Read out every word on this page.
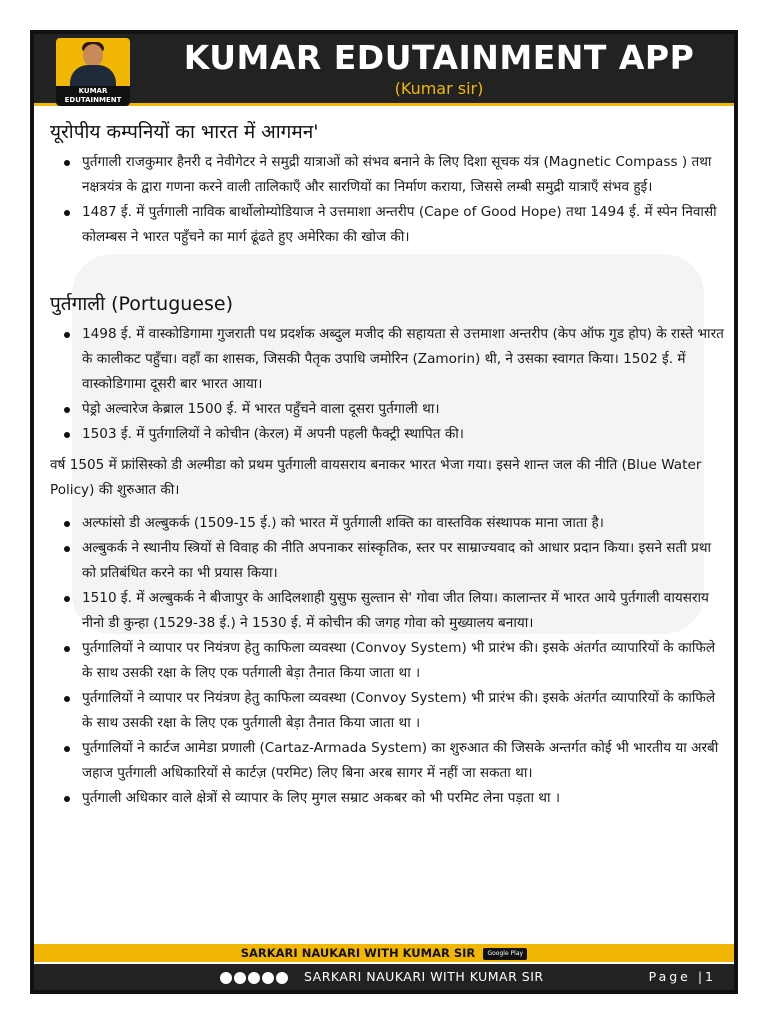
KUMAR EDUTAINMENT
KUMAR EDUTAINMENT APP
(Kumar sir)
यूरोपीय कम्पनियों का भारत में आगमन'
पुर्तगाली राजकुमार हैनरी द नेवीगेटर ने समुद्री यात्राओं को संभव बनाने के लिए दिशा सूचक यंत्र (Magnetic Compass ) तथा नक्षत्रयंत्र के द्वारा गणना करने वाली तालिकाएँ और सारणियों का निर्माण कराया, जिससे लम्बी समुद्री यात्राएँ संभव हुई।
1487 ई. में पुर्तगाली नाविक बार्थोलोम्योडियाज ने उत्तमाशा अन्तरीप (Cape of Good Hope) तथा 1494 ई. में स्पेन निवासी कोलम्बस ने भारत पहुँचने का मार्ग ढूंढते हुए अमेरिका की खोज की।
पुर्तगाली (Portuguese)
1498 ई. में वास्कोडिगामा गुजराती पथ प्रदर्शक अब्दुल मजीद की सहायता से उत्तमाशा अन्तरीप (केप ऑफ गुड होप) के रास्ते भारत के कालीकट पहुँचा। वहाँ का शासक, जिसकी पैतृक उपाधि जमोरिन (Zamorin) थी, ने उसका स्वागत किया। 1502 ई. में वास्कोडिगामा दूसरी बार भारत आया।
पेड्रो अल्वारेज केब्राल 1500 ई. में भारत पहुँचने वाला दूसरा पुर्तगाली था।
1503 ई. में पुर्तगालियों ने कोचीन (केरल) में अपनी पहली फैक्ट्री स्थापित की।

वर्ष 1505 में फ्रांसिस्को डी अल्मीडा को प्रथम पुर्तगाली वायसराय बनाकर भारत भेजा गया। इसने शान्त जल की नीति (Blue Water Policy) की शुरुआत की।

अल्फांसो डी अल्बुकर्क (1509-15 ई.) को भारत में पुर्तगाली शक्ति का वास्तविक संस्थापक माना जाता है।
अल्बुकर्क ने स्थानीय स्त्रियों से विवाह की नीति अपनाकर सांस्कृतिक, स्तर पर साम्राज्यवाद को आधार प्रदान किया। इसने सती प्रथा को प्रतिबंधित करने का भी प्रयास किया।
1510 ई. में अल्बुकर्क ने बीजापुर के आदिलशाही युसुफ सुल्तान से' गोवा जीत लिया। कालान्तर में भारत आये पुर्तगाली वायसराय नीनो डी कुन्हा (1529-38 ई.) ने 1530 ई. में कोचीन की जगह गोवा को मुख्यालय बनाया।
पुर्तगालियों ने व्यापार पर नियंत्रण हेतु काफिला व्यवस्था (Convoy System) भी प्रारंभ की। इसके अंतर्गत व्यापारियों के काफिले के साथ उसकी रक्षा के लिए एक पर्तगाली बेड़ा तैनात किया जाता था ।
पुर्तगालियों ने व्यापार पर नियंत्रण हेतु काफिला व्यवस्था (Convoy System) भी प्रारंभ की। इसके अंतर्गत व्यापारियों के काफिले के साथ उसकी रक्षा के लिए एक पुर्तगाली बेड़ा तैनात किया जाता था ।
पुर्तगालियों ने कार्टज आमेडा प्रणाली (Cartaz-Armada System) का शुरुआत की जिसके अन्तर्गत कोई भी भारतीय या अरबी जहाज पुर्तगाली अधिकारियों से कार्टज़ (परमिट) लिए बिना अरब सागर में नहीं जा सकता था।
पुर्तगाली अधिकार वाले क्षेत्रों से व्यापार के लिए मुगल सम्राट अकबर को भी परमिट लेना पड़ता था ।
SARKARI NAUKARI WITH KUMAR SIR Google Play
SARKARI NAUKARI WITH KUMAR SIR	Page |1
